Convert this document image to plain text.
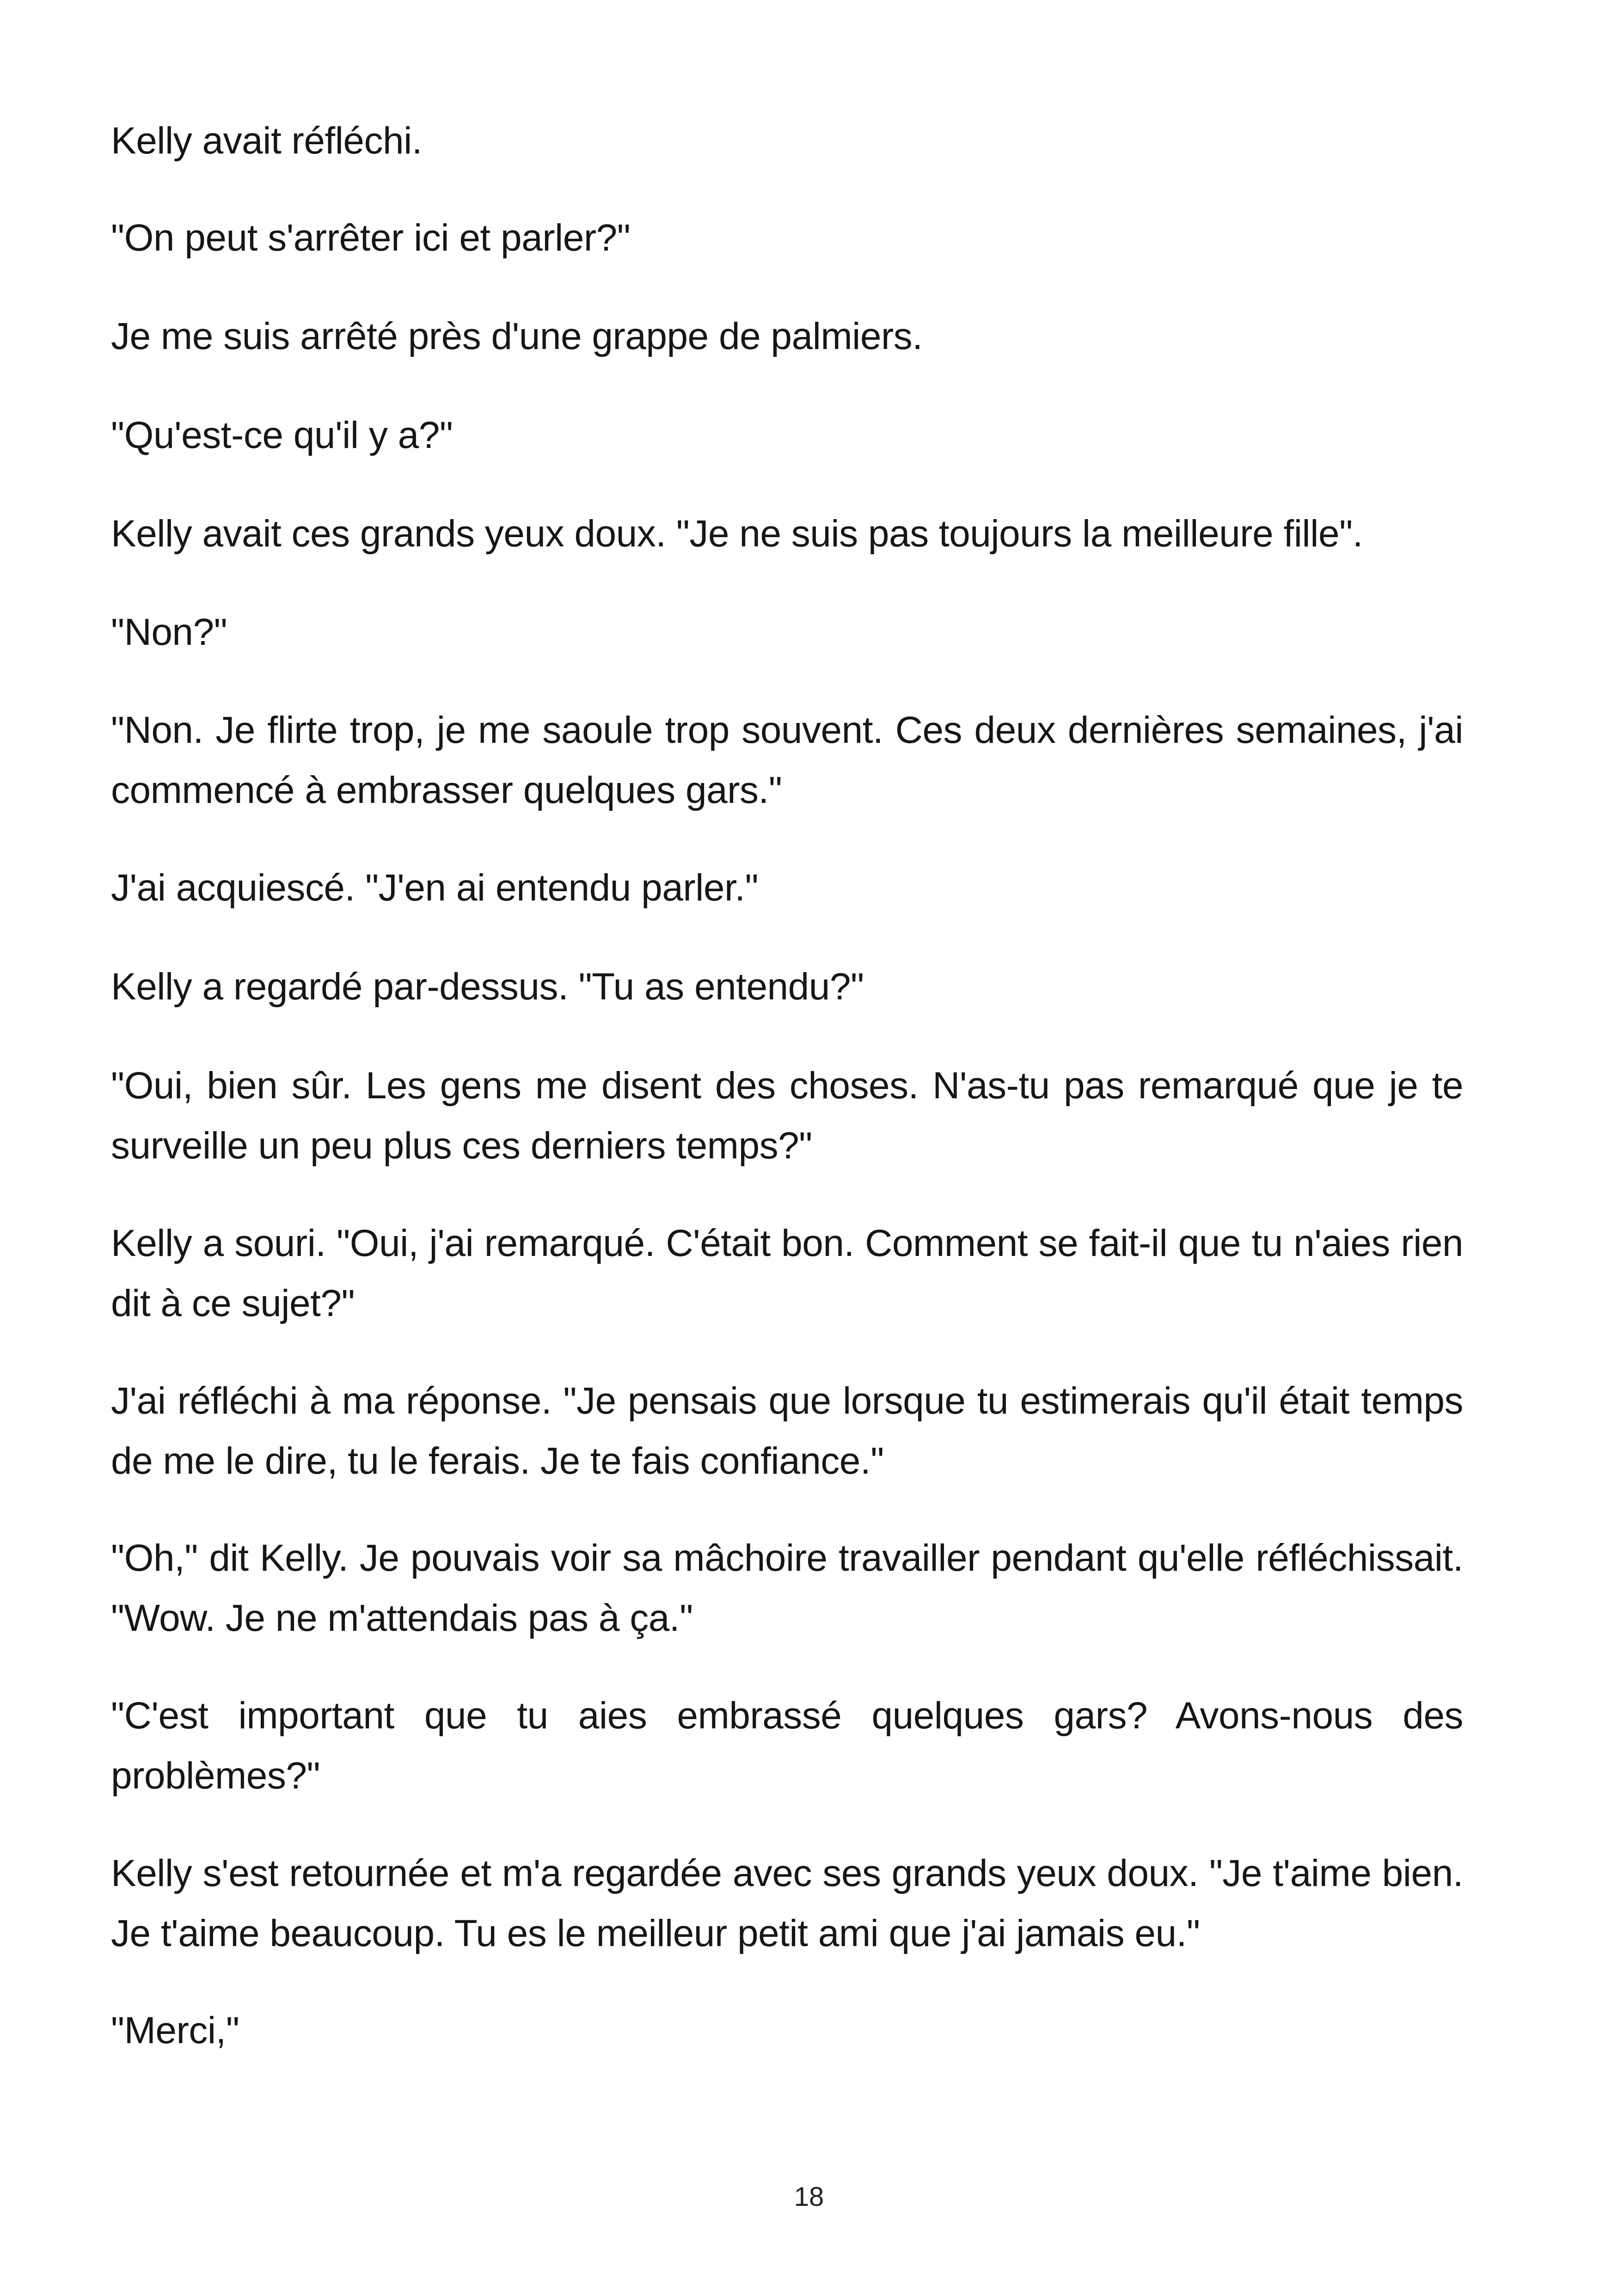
Kelly avait réfléchi.

"On peut s'arrêter ici et parler?"

Je me suis arrêté près d'une grappe de palmiers.

"Qu'est-ce qu'il y a?"

Kelly avait ces grands yeux doux. "Je ne suis pas toujours la meilleure fille".

"Non?"

"Non. Je flirte trop, je me saoule trop souvent. Ces deux dernières semaines, j'ai commencé à embrasser quelques gars."

J'ai acquiescé. "J'en ai entendu parler."

Kelly a regardé par-dessus. "Tu as entendu?"

"Oui, bien sûr. Les gens me disent des choses. N'as-tu pas remarqué que je te surveille un peu plus ces derniers temps?"

Kelly a souri. "Oui, j'ai remarqué. C'était bon. Comment se fait-il que tu n'aies rien dit à ce sujet?"

J'ai réfléchi à ma réponse. "Je pensais que lorsque tu estimerais qu'il était temps de me le dire, tu le ferais. Je te fais confiance."

"Oh," dit Kelly. Je pouvais voir sa mâchoire travailler pendant qu'elle réfléchissait. "Wow. Je ne m'attendais pas à ça."

"C'est important que tu aies embrassé quelques gars? Avons-nous des problèmes?"

Kelly s'est retournée et m'a regardée avec ses grands yeux doux. "Je t'aime bien. Je t'aime beaucoup. Tu es le meilleur petit ami que j'ai jamais eu."

"Merci,"

18
